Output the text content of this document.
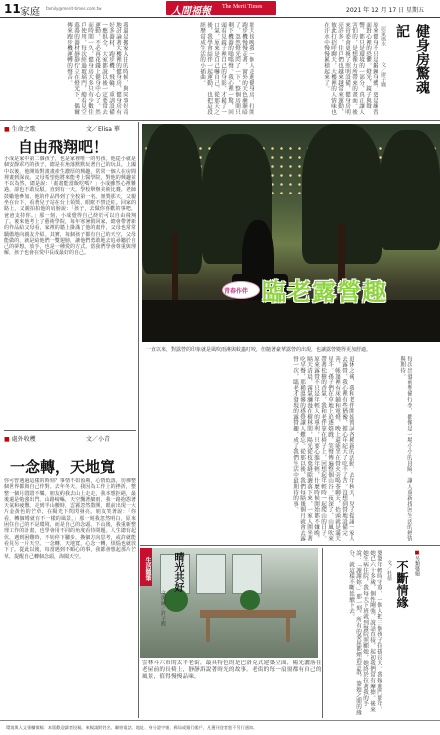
11 家庭 family@merit-times.com.tw	人間福報 The Merit Times	2021 年 12 月 17 日 星期五
我還是搬家入住的時候，與同事好奇地討論著大樓裡的健身房，健身房有好多器材，跑步機、飛輪、重訓設備一應俱全，大家都說以後一定要常去運動，不必再花錢上健身中心了。然而時間一久，健身房大多只有少數住戶使用，每次經過玻璃門，總看見空蕩蕩的器材靜靜佇立在燈光下，偶爾傳來跑步機運轉的聲音。	那天傍晚我一個人走進健身房，打開跑步機慢慢走著，窗外的天色漸漸暗了，忽然燈光閃了一下，整個房間只剩下機器的嗡嗡聲。我心裡一驚，回頭看見鏡子裡自己的身影，才鬆了一口氣，原來是自己嚇自己。從那天之後，我學會結伴一起運動，也把這段經歷當成生活的小插曲。	原來健身不只是鍛鍊身體，更是練習面對心裡的恐懼。燈光、鏡子與聲響，都只是環境的一部分，真正讓人害怕的，是想像力所帶來的畫面。後來管委會更換了照明設備，健身房明亮許多，住戶們也越來越常來運動，彼此打招呼聊天，大樓裡的人情味也在汗水中慢慢累積起來了。	居家風水
文／廖子嫻	健身房驚魂記
■ 生命之歌	文／Elisa 華
自由飛翔吧！
小成是家中第二個孩子，也是家裡唯一的男孩。他從小就是個安靜乖巧的孩子，總是在角落默默玩著自己的玩具。上國中以後，他開始對畫畫產生濃厚的興趣，常常一個人在房間裡畫到深夜。父母希望他將來能考上醫學院，對他的興趣並不以為然，總是說：「畫畫能當飯吃嗎？」小成雖然心裡難過，卻也不敢反駁。直到有一天，學校舉辦美術比賽，老師鼓勵他參加，他的作品得到了全校第一名。頒獎那天，父親坐在台下，看著兒子站在台上領獎，眼眶不禁泛紅。回家的路上，父親拍拍他的肩膀說：「孩子，去做你喜歡的事吧，爸爸支持你。」那一刻，小成覺得自己終於可以自由飛翔了。後來他考上了藝術學院，每年寒暑假回家，總會帶著新的作品給父母看，家裡的牆上掛滿了他的畫作，父母也常常驕傲地向親友介紹。其實，每個孩子都有自己的天空，父母能做的，就是給他們一雙翅膀，讓他們勇敢地去追尋屬於自己的夢想。放手，也是一種愛的方式。當我們學會尊重與理解，孩子也會在愛中長成最好的自己。
■ 處外收穫	文／小青
一念轉，天地寬
你可曾遇過這樣的時刻？事情不如預期，心情低落，彷彿整個世界都與自己作對。去年冬天，我因為工作上的挫折，整整一個月悶悶不樂。朋友約我去山上走走，我本想拒絕，最後還是勉強出門。山路崎嶇，天空飄著細雨，我一路抱怨著天氣和疲憊。走到半山腰時，雲霧忽然散開，眼前出現一大片金黃色的芒草，在陽光下閃閃發亮。朋友笑著說：「你看，轉個彎就有不一樣的風景。」那一刻我忽然明白，原來困住自己的不是環境，而是自己的念頭。下山後，我重新整理工作的計畫，也學會用不同的角度看待問題。人生總有起伏，遇到困難時，不妨停下腳步，換個方向思考，或許就能看見另一片天空。一念轉，天地寬，心念一轉，煩惱也就放下了。從此以後，每當遇到不順心的事，我都會想起那片芒草，提醒自己轉個念頭，海闊天空。
青春作伴 臨老露營趣
一直以來，對露營的印象就是風吹雨淋與蚊蟲叮咬，但隨著豪華露營的出現，也讓露營變得更加舒適。
退休之後，我和老伴開始嘗試各種新的活動。去年秋天，兒子提議一家人去露營，我心裡有些猶豫，擔心年紀大了吃不了苦。沒想到營地設備完善，帳篷裡有床鋪和電燈，晚上還能坐在營火旁喝茶聊天，抬頭就是滿天星斗。孫子們在草地上追逐嬉戲，笑聲傳遍整個山谷。夜深了，山風吹來帶著松樹的香氣，我和老伴靠在椅子上，回想起年輕時一起爬山的日子。原來露營不只是年輕人的專利，只要心態年輕，什麼時候開始都不嫌晚。隔天清晨，霧氣瀰漫在樹林間，陽光從枝葉縫隙灑落下來，一家人圍坐著吃早餐，那種溫馨的感覺讓人難忘。從那以後，我們每隔幾個月就會去露營一次，臨老才發現的露營趣，成了我們生活中最期待的事。	每次出發前準備行李，都像是一場小小的冒險，讓人重新找回生活的熱情與期待。
生活隨筆 晴光共好
文與圖／許子熙
雲林斗六市的太平老街，最具特色的是巴洛克式建築立面，陽光灑落在老屋前的長椅上，靜靜訴說著時光的故事。老街的每一扇窗都有自己的風景，值得慢慢品味。
■另類婆媳
不斷情緣
文／杜蓓
婆婆年輕時守寡，一個人把三個孩子拉拔長大。我嫁進門那年，她已六十多歲，個性剛強，說話直接，起初我們常有摩擦。後來她生病住院，我每天下班就到醫院照顧她，她終於拉著我的手說：「謝謝妳。」那一刻，所有的委屈都煙消雲散，婆媳之間的緣分，就這樣不斷延續下去。
環境與人文專欄徵稿：本版歡迎讀者投稿，來稿請附姓名、聯絡電話、地址、身分證字號、郵局或銀行帳戶，凡獲刊登者恕不另行通知。
